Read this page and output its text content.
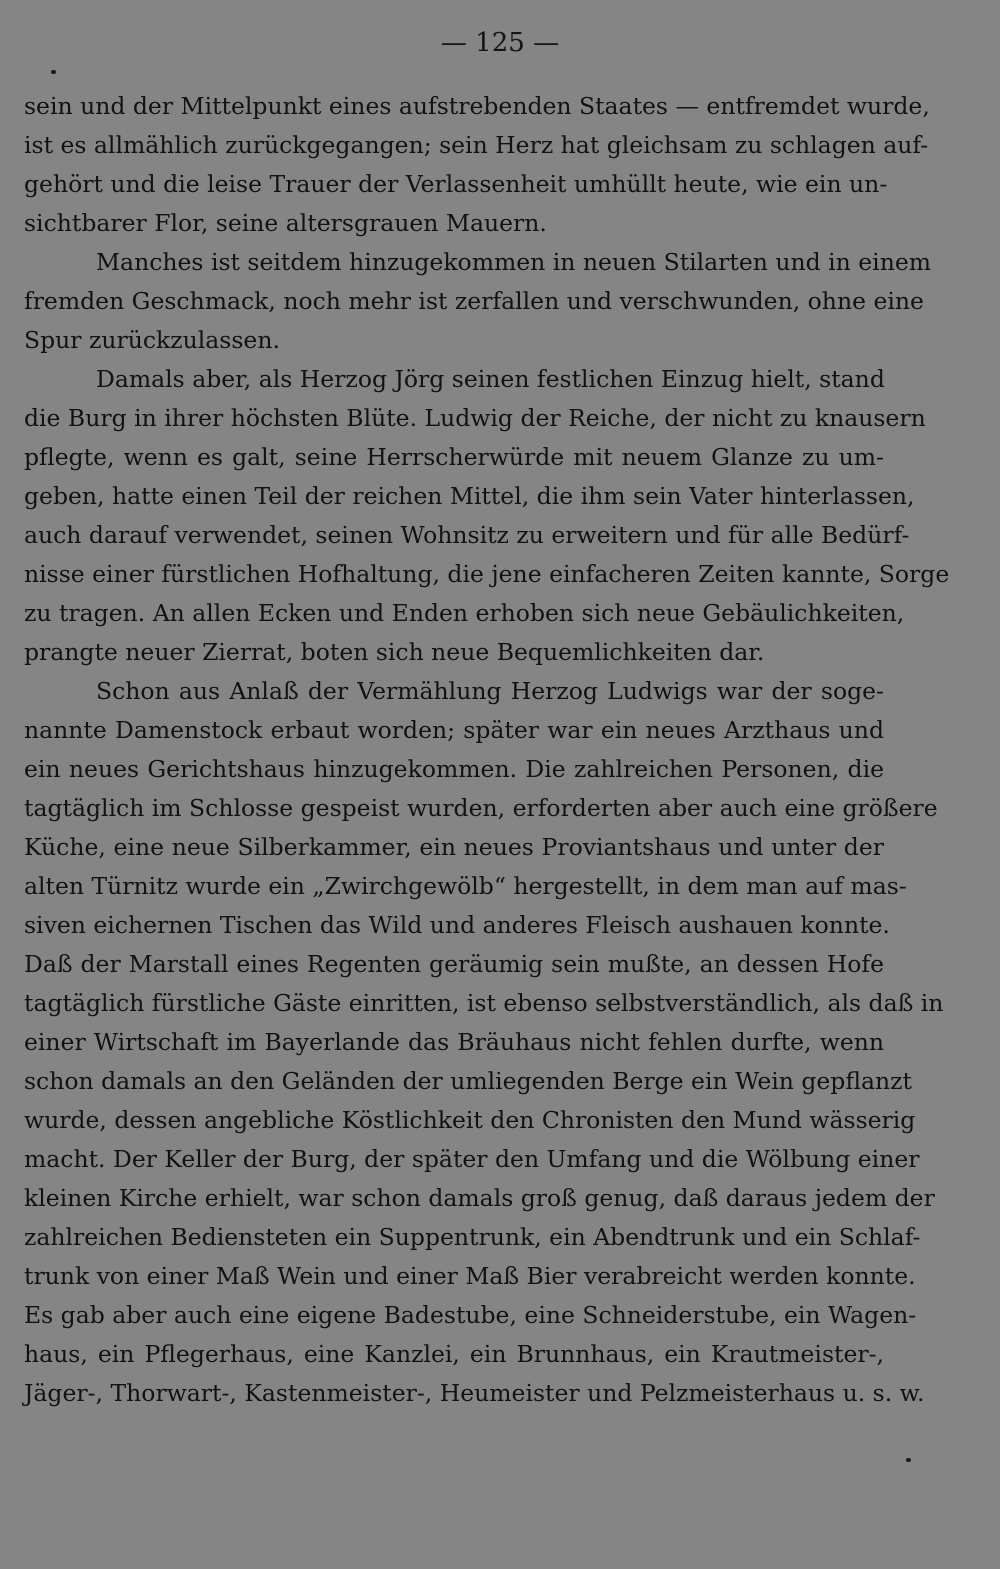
— 125 —
sein und der Mittelpunkt eines aufstrebenden Staates — entfremdet wurde,
ist es allmählich zurückgegangen; sein Herz hat gleichsam zu schlagen auf-
gehört und die leise Trauer der Verlassenheit umhüllt heute, wie ein un-
sichtbarer Flor, seine altersgrauen Mauern.
Manches ist seitdem hinzugekommen in neuen Stilarten und in einem
fremden Geschmack, noch mehr ist zerfallen und verschwunden, ohne eine
Spur zurückzulassen.
Damals aber, als Herzog Jörg seinen festlichen Einzug hielt, stand
die Burg in ihrer höchsten Blüte. Ludwig der Reiche, der nicht zu knausern
pflegte, wenn es galt, seine Herrscherwürde mit neuem Glanze zu um-
geben, hatte einen Teil der reichen Mittel, die ihm sein Vater hinterlassen,
auch darauf verwendet, seinen Wohnsitz zu erweitern und für alle Bedürf-
nisse einer fürstlichen Hofhaltung, die jene einfacheren Zeiten kannte, Sorge
zu tragen. An allen Ecken und Enden erhoben sich neue Gebäulichkeiten,
prangte neuer Zierrat, boten sich neue Bequemlichkeiten dar.
Schon aus Anlaß der Vermählung Herzog Ludwigs war der soge-
nannte Damenstock erbaut worden; später war ein neues Arzthaus und
ein neues Gerichtshaus hinzugekommen. Die zahlreichen Personen, die
tagtäglich im Schlosse gespeist wurden, erforderten aber auch eine größere
Küche, eine neue Silberkammer, ein neues Proviantshaus und unter der
alten Türnitz wurde ein „Zwirchgewölb“ hergestellt, in dem man auf mas-
siven eichernen Tischen das Wild und anderes Fleisch aushauen konnte.
Daß der Marstall eines Regenten geräumig sein mußte, an dessen Hofe
tagtäglich fürstliche Gäste einritten, ist ebenso selbstverständlich, als daß in
einer Wirtschaft im Bayerlande das Bräuhaus nicht fehlen durfte, wenn
schon damals an den Geländen der umliegenden Berge ein Wein gepflanzt
wurde, dessen angebliche Köstlichkeit den Chronisten den Mund wässerig
macht. Der Keller der Burg, der später den Umfang und die Wölbung einer
kleinen Kirche erhielt, war schon damals groß genug, daß daraus jedem der
zahlreichen Bediensteten ein Suppentrunk, ein Abendtrunk und ein Schlaf-
trunk von einer Maß Wein und einer Maß Bier verabreicht werden konnte.
Es gab aber auch eine eigene Badestube, eine Schneiderstube, ein Wagen-
haus, ein Pflegerhaus, eine Kanzlei, ein Brunnhaus, ein Krautmeister-,
Jäger-, Thorwart-, Kastenmeister-, Heumeister und Pelzmeisterhaus u. s. w.
